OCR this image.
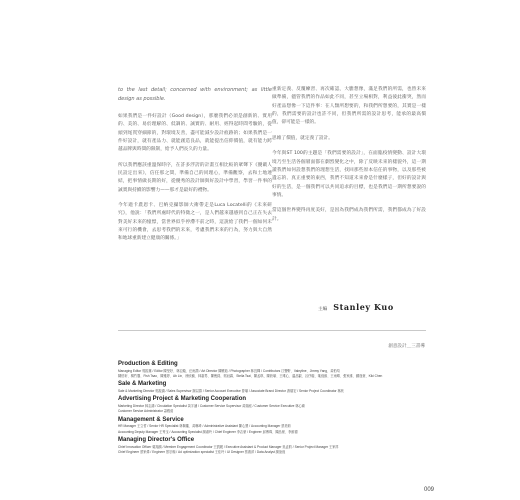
to the last detail; concerned with environment; as little design as possible.

如果我們是一件好設計（Good design），那麼我們必須是創新的、實用的、美的、易於理解的、低調的、誠實的、耐用、經得起時間考驗的，從頭到尾貫穿細節的，對環境友善，盡可能減少設計痕跡的；如果我們是一件好設計，就有產品力、就能創造良品，就能提出信仰價值，就有能力跨越品牌與時間的限制，給予人們長久的力量。

所以我們應該重溫保時序，在許多浮誇的計畫互相比較的眾聲下《優載人民設定出來》，信任那之間，準備自己的同理心，準備觀察，去和土地連結，把事情做長期的好，從優秀的設計師與好設計中學習，學習一件事的誠實與持續的影響力——那才是最好的禮物。

今年適卡農恩卡、巴納克攝影師大衛帶走是Luca Locatelli的《未來研究》，他說：「我們所處時代的特徵之一，是人們越來越感到自己正在失去對美好未來的憧憬，當世界似乎停滯不前之時，這說給了我們一個如何未來可行的機會，去思考我們的未來，考慮我們未來的行為，努力與大自然和地球重新建立健康的關係。」

重新定義、反覆練習、再次確認，大膽想像，滿足我們的所需，也替未來做準備，儘管我們的作品如此不同，甚至立場相對，利益彼此衝突，然而好產品想像一下這件事：在人類所想要的，和我們所想要的，其實是一樣的，我們需要的設計也許不同，但我們所需的設計思考，能承的最高價值，卻可能是一樣的。

思維了價值，就定義了設計。

今年與ST 100的主題是「我們需要的設計」，在面臨疫情變動、設計大環境乃至生活各個層面都在劇烈變化之中，除了反映未來的樣貌外，這一期讀我們如何設想我們的理想生活，找回那些原本信任的事物，以及那些被遺忘的、真正重要的東西，我們不知道未來會是什麼樣子，但好的設計與好的生活，是一個我們可以共同追求的目標，也是我們這一期所想要說的事情。

當這個世界變得再度美好，是因為我們成為我們所需，我們都成為了好設計。

主編 Stanley Kuo
創意設計＿三書導
Production & Editing
Managing Editor 郭振雄 / Editor 陳瑩妤、林亞璇、汪雨喬 / Art Director 陳曉茹 / Photographer 林宜輝 / Contributors 江豐軒、Valeyline、Jimmy Yang、黃柏均
陳伯珩、楊竹馨、Fish Tsao、陳雅婷、Ab Lin、徐欣榆、林嘉男、陳俊銘、郭冠霖、Stella Tsai、陳孟琪、陳欣瑜、王唯心、溫品叡、呂伃璇、葉庭維、王雨晴、張家維、鍾逸萱、Kiki Chen
Sale & Marketing
Sale & Marketing Director 郭振鴻 / Sales Supervisor 謝以群 / Senior Account Executive 曾瑜 / Associate Brand Director 游瑞宏 / Senior Project Coordinator 林欣
Advertising Project & Marketing Cooperation
Marketing Director 林志鴻 / Circulation Specialist 黃宇涵 / Customer Service Supervisor 黃瑞庭 / Customer Service Executive 林心瑜
Customer Service Administrator 蕭雅茹
Management & Service
HR Manager 王立哲 / Senior HR Specialist 林佩儀、黃琳琦 / Administrative Assistant 陳心慧 / Accounting Manager 蔡美莉
Accounting Deputy Manager 王秀玉 / Accounting Specialist 謝淑玲 / Chief Engineer 李志豪 / Engineer 邱博瑋、陳品豪、李維德
Managing Director's Office
Chief Innovation Officer 葉翔濱 / Member Engagement Coordinator 王凱媛 / Executive Assistant & Product Manager 吳孟鈞 / Senior Project Manager 王家祥
Chief Engineer 蔡家偉 / Engineer 蔡宗翰 / Ad optimization specialist 王佳玲 / UI Designer 蔡惠萍 / Data Analyst 謝劭庭
009
